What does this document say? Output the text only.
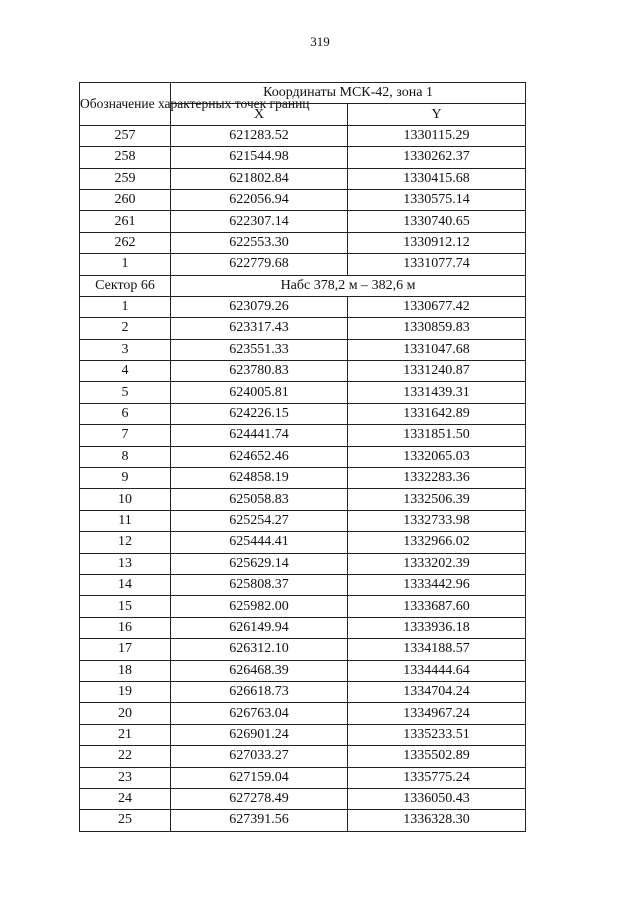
319
Обозначение характерных точек границ	Координаты МСК-42, зона 1	
	X	Y
257	621283.52	1330115.29
258	621544.98	1330262.37
259	621802.84	1330415.68
260	622056.94	1330575.14
261	622307.14	1330740.65
262	622553.30	1330912.12
1	622779.68	1331077.74
Сектор 66	Набс 378,2 м – 382,6 м	
1	623079.26	1330677.42
2	623317.43	1330859.83
3	623551.33	1331047.68
4	623780.83	1331240.87
5	624005.81	1331439.31
6	624226.15	1331642.89
7	624441.74	1331851.50
8	624652.46	1332065.03
9	624858.19	1332283.36
10	625058.83	1332506.39
11	625254.27	1332733.98
12	625444.41	1332966.02
13	625629.14	1333202.39
14	625808.37	1333442.96
15	625982.00	1333687.60
16	626149.94	1333936.18
17	626312.10	1334188.57
18	626468.39	1334444.64
19	626618.73	1334704.24
20	626763.04	1334967.24
21	626901.24	1335233.51
22	627033.27	1335502.89
23	627159.04	1335775.24
24	627278.49	1336050.43
25	627391.56	1336328.30
